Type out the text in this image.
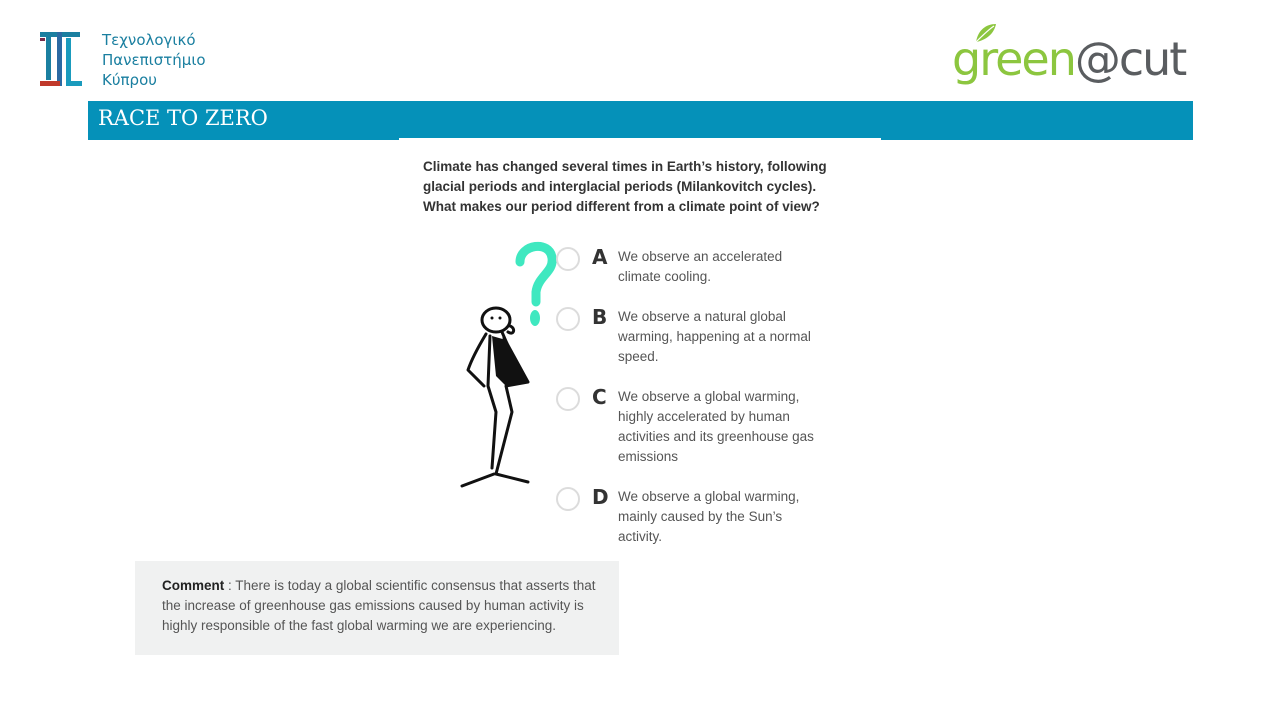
Τεχνολογικό
Πανεπιστήμιο
Κύπρου	green@cut
RACE TO ZERO
Climate has changed several times in Earth’s history, following glacial periods and interglacial periods (Milankovitch cycles). What makes our period different from a climate point of view?
A We observe an accelerated climate cooling.
B We observe a natural global warming, happening at a normal speed.
C We observe a global warming, highly accelerated by human activities and its greenhouse gas emissions
D We observe a global warming, mainly caused by the Sun’s activity.
Comment : There is today a global scientific consensus that asserts that the increase of greenhouse gas emissions caused by human activity is highly responsible of the fast global warming we are experiencing.
